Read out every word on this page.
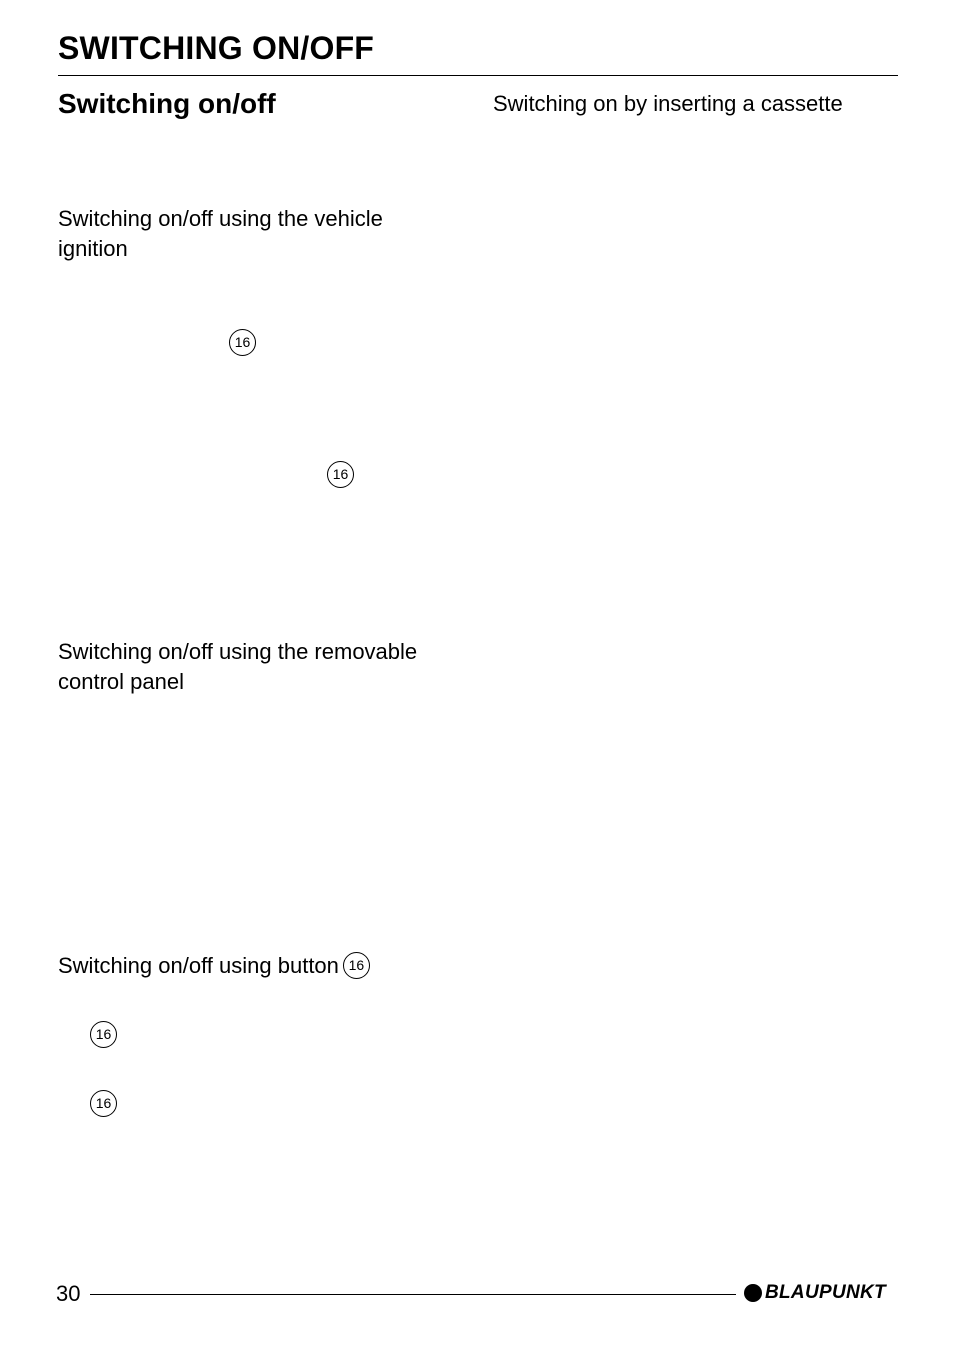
SWITCHING ON/OFF
Switching on/off	Switching on by inserting a cassette
Switching on/off using the vehicle ignition
16
16
Switching on/off using the removable control panel
Switching on/off using button 16
16
16
30	BLAUPUNKT
